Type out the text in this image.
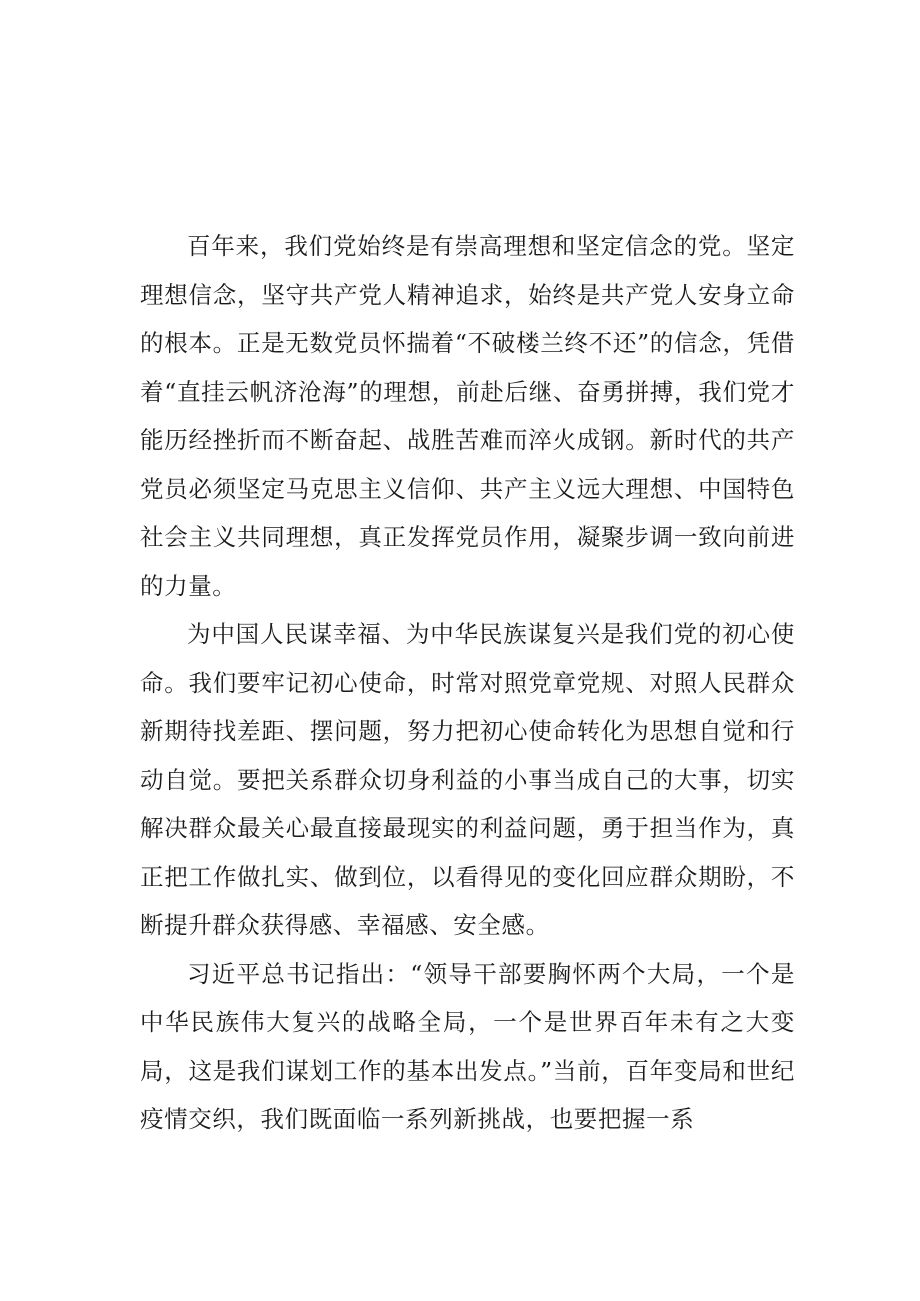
百年来，我们党始终是有崇高理想和坚定信念的党。坚定理想信念，坚守共产党人精神追求，始终是共产党人安身立命的根本。正是无数党员怀揣着“不破楼兰终不还”的信念，凭借着“直挂云帆济沧海”的理想，前赴后继、奋勇拼搏，我们党才能历经挫折而不断奋起、战胜苦难而淬火成钢。新时代的共产党员必须坚定马克思主义信仰、共产主义远大理想、中国特色社会主义共同理想，真正发挥党员作用，凝聚步调一致向前进的力量。

为中国人民谋幸福、为中华民族谋复兴是我们党的初心使命。我们要牢记初心使命，时常对照党章党规、对照人民群众新期待找差距、摆问题，努力把初心使命转化为思想自觉和行动自觉。要把关系群众切身利益的小事当成自己的大事，切实解决群众最关心最直接最现实的利益问题，勇于担当作为，真正把工作做扎实、做到位，以看得见的变化回应群众期盼，不断提升群众获得感、幸福感、安全感。

习近平总书记指出：“领导干部要胸怀两个大局，一个是中华民族伟大复兴的战略全局，一个是世界百年未有之大变局，这是我们谋划工作的基本出发点。”当前，百年变局和世纪疫情交织，我们既面临一系列新挑战，也要把握一系
